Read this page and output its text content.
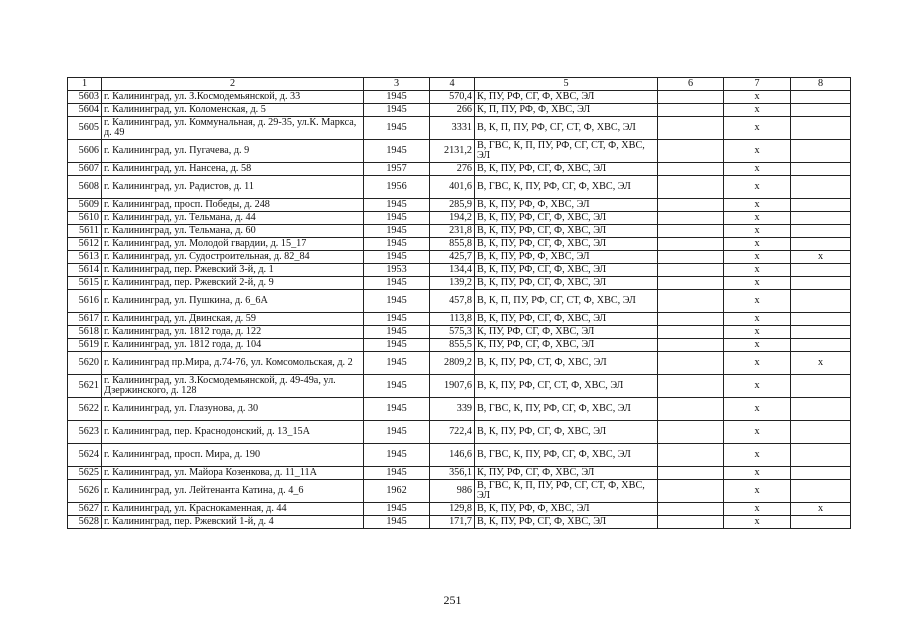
1	2	3	4	5	6	7	8
5603	г. Калининград, ул. З.Космодемьянской, д. 33	1945	570,4	К, ПУ, РФ, СГ, Ф, ХВС, ЭЛ		x	
5604	г. Калининград, ул. Коломенская, д. 5	1945	266	К, П, ПУ, РФ, Ф, ХВС, ЭЛ		x	
5605	г. Калининград, ул. Коммунальная, д. 29-35, ул.К. Маркса, д. 49	1945	3331	В, К, П, ПУ, РФ, СГ, СТ, Ф, ХВС, ЭЛ		x	
5606	г. Калининград, ул. Пугачева, д. 9	1945	2131,2	В, ГВС, К, П, ПУ, РФ, СГ, СТ, Ф, ХВС, ЭЛ		x	
5607	г. Калининград, ул. Нансена, д. 58	1957	276	В, К, ПУ, РФ, СГ, Ф, ХВС, ЭЛ		x	
5608	г. Калининград, ул. Радистов, д. 11	1956	401,6	В, ГВС, К, ПУ, РФ, СГ, Ф, ХВС, ЭЛ		x	
5609	г. Калининград, просп. Победы, д. 248	1945	285,9	В, К, ПУ, РФ, Ф, ХВС, ЭЛ		x	
5610	г. Калининград, ул. Тельмана, д. 44	1945	194,2	В, К, ПУ, РФ, СГ, Ф, ХВС, ЭЛ		x	
5611	г. Калининград, ул. Тельмана, д. 60	1945	231,8	В, К, ПУ, РФ, СГ, Ф, ХВС, ЭЛ		x	
5612	г. Калининград, ул. Молодой гвардии, д. 15_17	1945	855,8	В, К, ПУ, РФ, СГ, Ф, ХВС, ЭЛ		x	
5613	г. Калининград, ул. Судостроительная, д. 82_84	1945	425,7	В, К, ПУ, РФ, Ф, ХВС, ЭЛ		x	x
5614	г. Калининград, пер. Ржевский 3-й, д. 1	1953	134,4	В, К, ПУ, РФ, СГ, Ф, ХВС, ЭЛ		x	
5615	г. Калининград, пер. Ржевский 2-й, д. 9	1945	139,2	В, К, ПУ, РФ, СГ, Ф, ХВС, ЭЛ		x	
5616	г. Калининград, ул. Пушкина, д. 6_6А	1945	457,8	В, К, П, ПУ, РФ, СГ, СТ, Ф, ХВС, ЭЛ		x	
5617	г. Калининград, ул. Двинская, д. 59	1945	113,8	В, К, ПУ, РФ, СГ, Ф, ХВС, ЭЛ		x	
5618	г. Калининград, ул. 1812 года, д. 122	1945	575,3	К, ПУ, РФ, СГ, Ф, ХВС, ЭЛ		x	
5619	г. Калининград, ул. 1812 года, д. 104	1945	855,5	К, ПУ, РФ, СГ, Ф, ХВС, ЭЛ		x	
5620	г. Калининград пр.Мира, д.74-76, ул. Комсомольская, д. 2	1945	2809,2	В, К, ПУ, РФ, СТ, Ф, ХВС, ЭЛ		x	x
5621	г. Калининград, ул. З.Космодемьянской, д. 49-49а, ул. Дзержинского, д. 128	1945	1907,6	В, К, ПУ, РФ, СГ, СТ, Ф, ХВС, ЭЛ		x	
5622	г. Калининград, ул. Глазунова, д. 30	1945	339	В, ГВС, К, ПУ, РФ, СГ, Ф, ХВС, ЭЛ		x	
5623	г. Калининград, пер. Краснодонский, д. 13_15А	1945	722,4	В, К, ПУ, РФ, СГ, Ф, ХВС, ЭЛ		x	
5624	г. Калининград, просп. Мира, д. 190	1945	146,6	В, ГВС, К, ПУ, РФ, СГ, Ф, ХВС, ЭЛ		x	
5625	г. Калининград, ул. Майора Козенкова, д. 11_11А	1945	356,1	К, ПУ, РФ, СГ, Ф, ХВС, ЭЛ		x	
5626	г. Калининград, ул. Лейтенанта Катина, д. 4_6	1962	986	В, ГВС, К, П, ПУ, РФ, СГ, СТ, Ф, ХВС, ЭЛ		x	
5627	г. Калининград, ул. Краснокаменная, д. 44	1945	129,8	В, К, ПУ, РФ, Ф, ХВС, ЭЛ		x	x
5628	г. Калининград, пер. Ржевский 1-й, д. 4	1945	171,7	В, К, ПУ, РФ, СГ, Ф, ХВС, ЭЛ		x	
251
